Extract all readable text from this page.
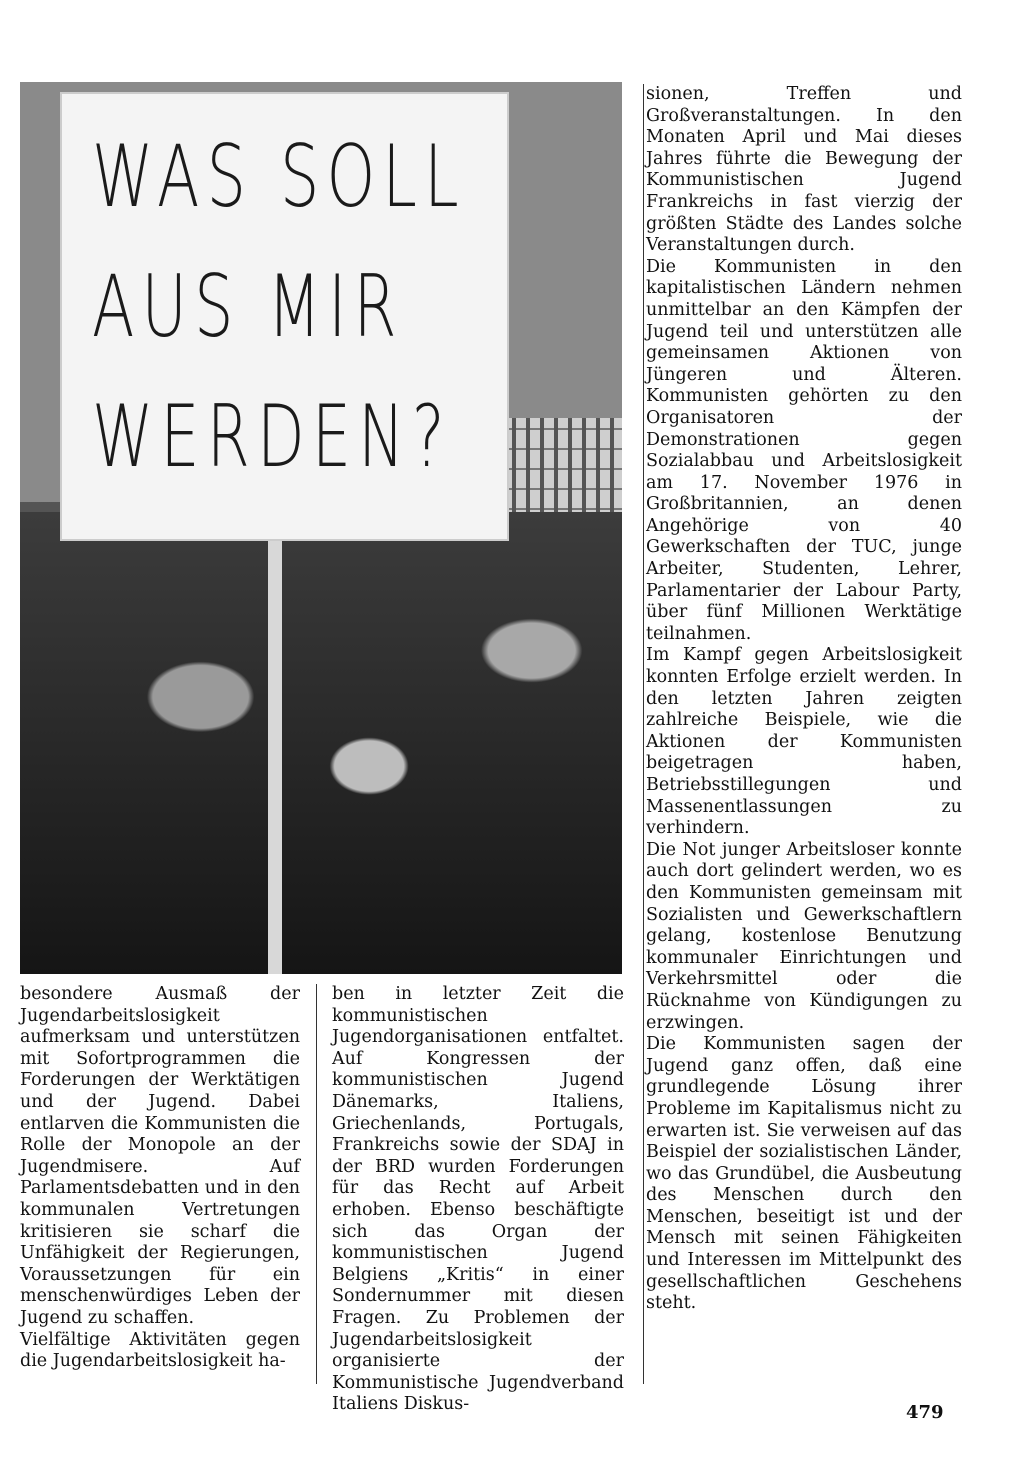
WAS SOLL
AUS MIR
WERDEN?

sionen, Treffen und Großveranstaltungen. In den Monaten April und Mai dieses Jahres führte die Bewegung der Kommunistischen Jugend Frankreichs in fast vierzig der größten Städte des Landes solche Veranstaltungen durch.

Die Kommunisten in den kapitalistischen Ländern nehmen unmittelbar an den Kämpfen der Jugend teil und unterstützen alle gemeinsamen Aktionen von Jüngeren und Älteren. Kommunisten gehörten zu den Organisatoren der Demonstrationen gegen Sozialabbau und Arbeitslosigkeit am 17. November 1976 in Großbritannien, an denen Angehörige von 40 Gewerkschaften der TUC, junge Arbeiter, Studenten, Lehrer, Parlamentarier der Labour Party, über fünf Millionen Werktätige teilnahmen.

Im Kampf gegen Arbeitslosigkeit konnten Erfolge erzielt werden. In den letzten Jahren zeigten zahlreiche Beispiele, wie die Aktionen der Kommunisten beigetragen haben, Betriebsstillegungen und Massenentlassungen zu verhindern.

Die Not junger Arbeitsloser konnte auch dort gelindert werden, wo es den Kommunisten gemeinsam mit Sozialisten und Gewerkschaftlern gelang, kostenlose Benutzung kommunaler Einrichtungen und Verkehrsmittel oder die Rücknahme von Kündigungen zu erzwingen.

Die Kommunisten sagen der Jugend ganz offen, daß eine grundlegende Lösung ihrer Probleme im Kapitalismus nicht zu erwarten ist. Sie verweisen auf das Beispiel der sozialistischen Länder, wo das Grundübel, die Ausbeutung des Menschen durch den Menschen, beseitigt ist und der Mensch mit seinen Fähigkeiten und Interessen im Mittelpunkt des gesellschaftlichen Geschehens steht.

besondere Ausmaß der Jugendarbeitslosigkeit aufmerksam und unterstützen mit Sofortprogrammen die Forderungen der Werktätigen und der Jugend. Dabei entlarven die Kommunisten die Rolle der Monopole an der Jugendmisere. Auf Parlamentsdebatten und in den kommunalen Vertretungen kritisieren sie scharf die Unfähigkeit der Regierungen, Voraussetzungen für ein menschenwürdiges Leben der Jugend zu schaffen.

Vielfältige Aktivitäten gegen die Jugendarbeitslosigkeit ha-

ben in letzter Zeit die kommunistischen Jugendorganisationen entfaltet. Auf Kongressen der kommunistischen Jugend Dänemarks, Italiens, Griechenlands, Portugals, Frankreichs sowie der SDAJ in der BRD wurden Forderungen für das Recht auf Arbeit erhoben. Ebenso beschäftigte sich das Organ der kommunistischen Jugend Belgiens „Kritis“ in einer Sondernummer mit diesen Fragen. Zu Problemen der Jugendarbeitslosigkeit organisierte der Kommunistische Jugendverband Italiens Diskus-	479
